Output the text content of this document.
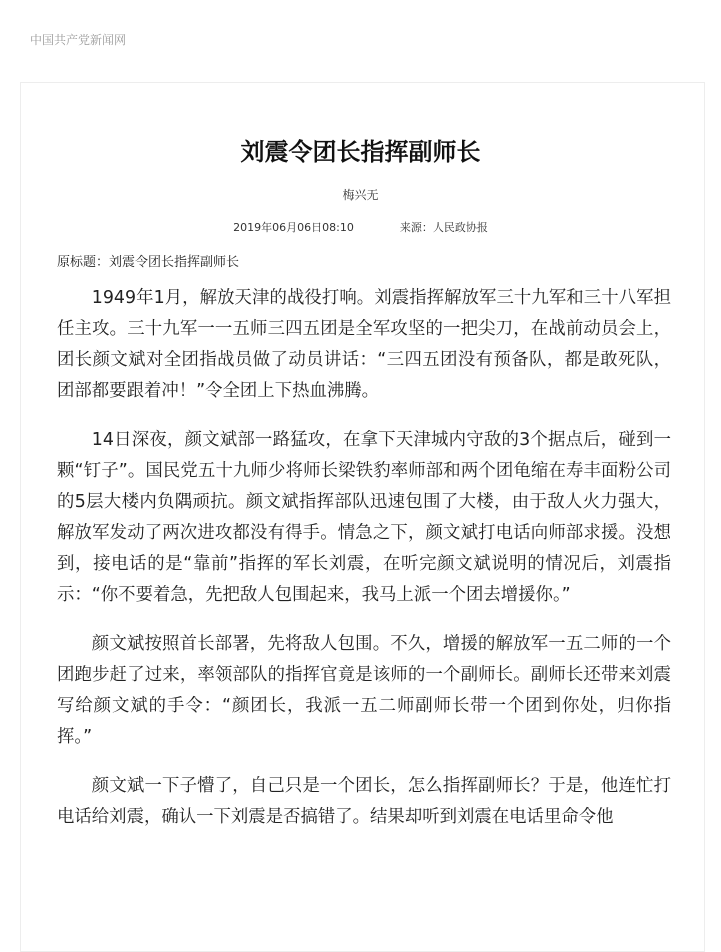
中国共产党新闻网
刘震令团长指挥副师长
梅兴无
2019年06月06日08:10	来源：人民政协报
原标题：刘震令团长指挥副师长

1949年1月，解放天津的战役打响。刘震指挥解放军三十九军和三十八军担任主攻。三十九军一一五师三四五团是全军攻坚的一把尖刀，在战前动员会上，团长颜文斌对全团指战员做了动员讲话：“三四五团没有预备队，都是敢死队，团部都要跟着冲！”令全团上下热血沸腾。

14日深夜，颜文斌部一路猛攻，在拿下天津城内守敌的3个据点后，碰到一颗“钉子”。国民党五十九师少将师长梁铁豹率师部和两个团龟缩在寿丰面粉公司的5层大楼内负隅顽抗。颜文斌指挥部队迅速包围了大楼，由于敌人火力强大，解放军发动了两次进攻都没有得手。情急之下，颜文斌打电话向师部求援。没想到，接电话的是“靠前”指挥的军长刘震，在听完颜文斌说明的情况后，刘震指示：“你不要着急，先把敌人包围起来，我马上派一个团去增援你。”

颜文斌按照首长部署，先将敌人包围。不久，增援的解放军一五二师的一个团跑步赶了过来，率领部队的指挥官竟是该师的一个副师长。副师长还带来刘震写给颜文斌的手令：“颜团长，我派一五二师副师长带一个团到你处，归你指挥。”

颜文斌一下子懵了，自己只是一个团长，怎么指挥副师长？于是，他连忙打电话给刘震，确认一下刘震是否搞错了。结果却听到刘震在电话里命令他
